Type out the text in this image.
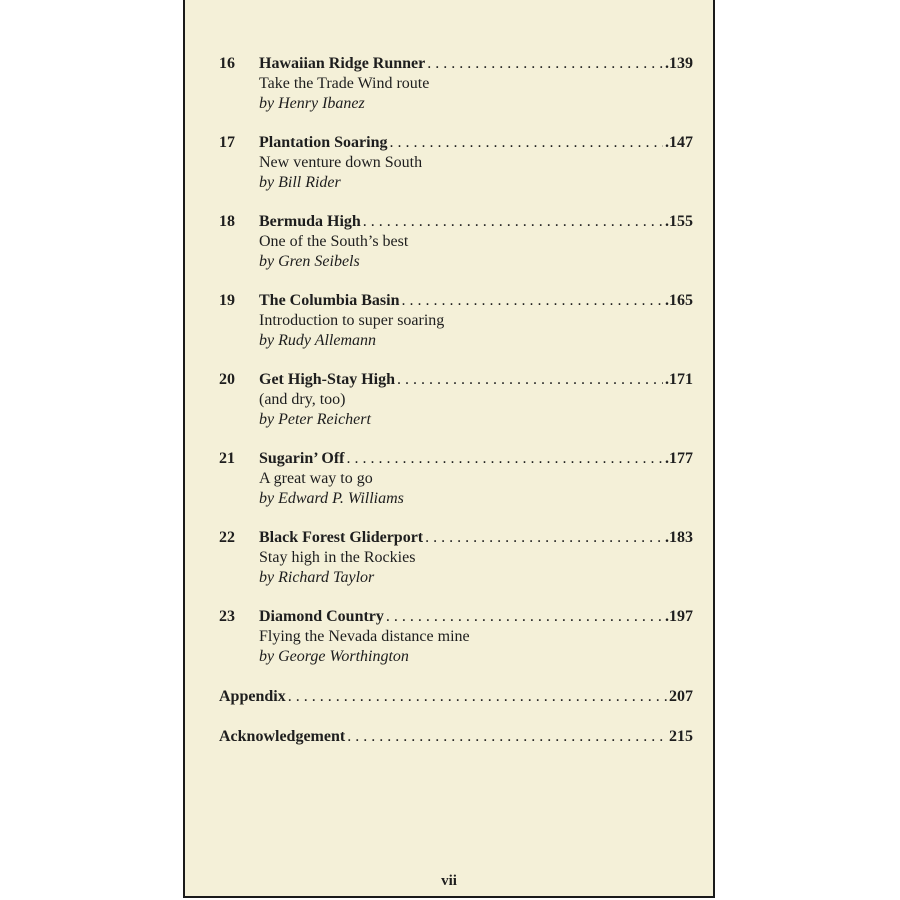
16	Hawaiian Ridge Runner . . .	.139
Take the Trade Wind route
by Henry Ibanez
17	Plantation Soaring . . .	.147
New venture down South
by Bill Rider
18	Bermuda High . . .	.155
One of the South’s best
by Gren Seibels
19	The Columbia Basin . . .	.165
Introduction to super soaring
by Rudy Allemann
20	Get High-Stay High . . .	.171
(and dry, too)
by Peter Reichert
21	Sugarin’ Off . . .	.177
A great way to go
by Edward P. Williams
22	Black Forest Gliderport . . .	.183
Stay high in the Rockies
by Richard Taylor
23	Diamond Country . . .	.197
Flying the Nevada distance mine
by George Worthington
Appendix . . .	207
Acknowledgement . . .	215
vii
